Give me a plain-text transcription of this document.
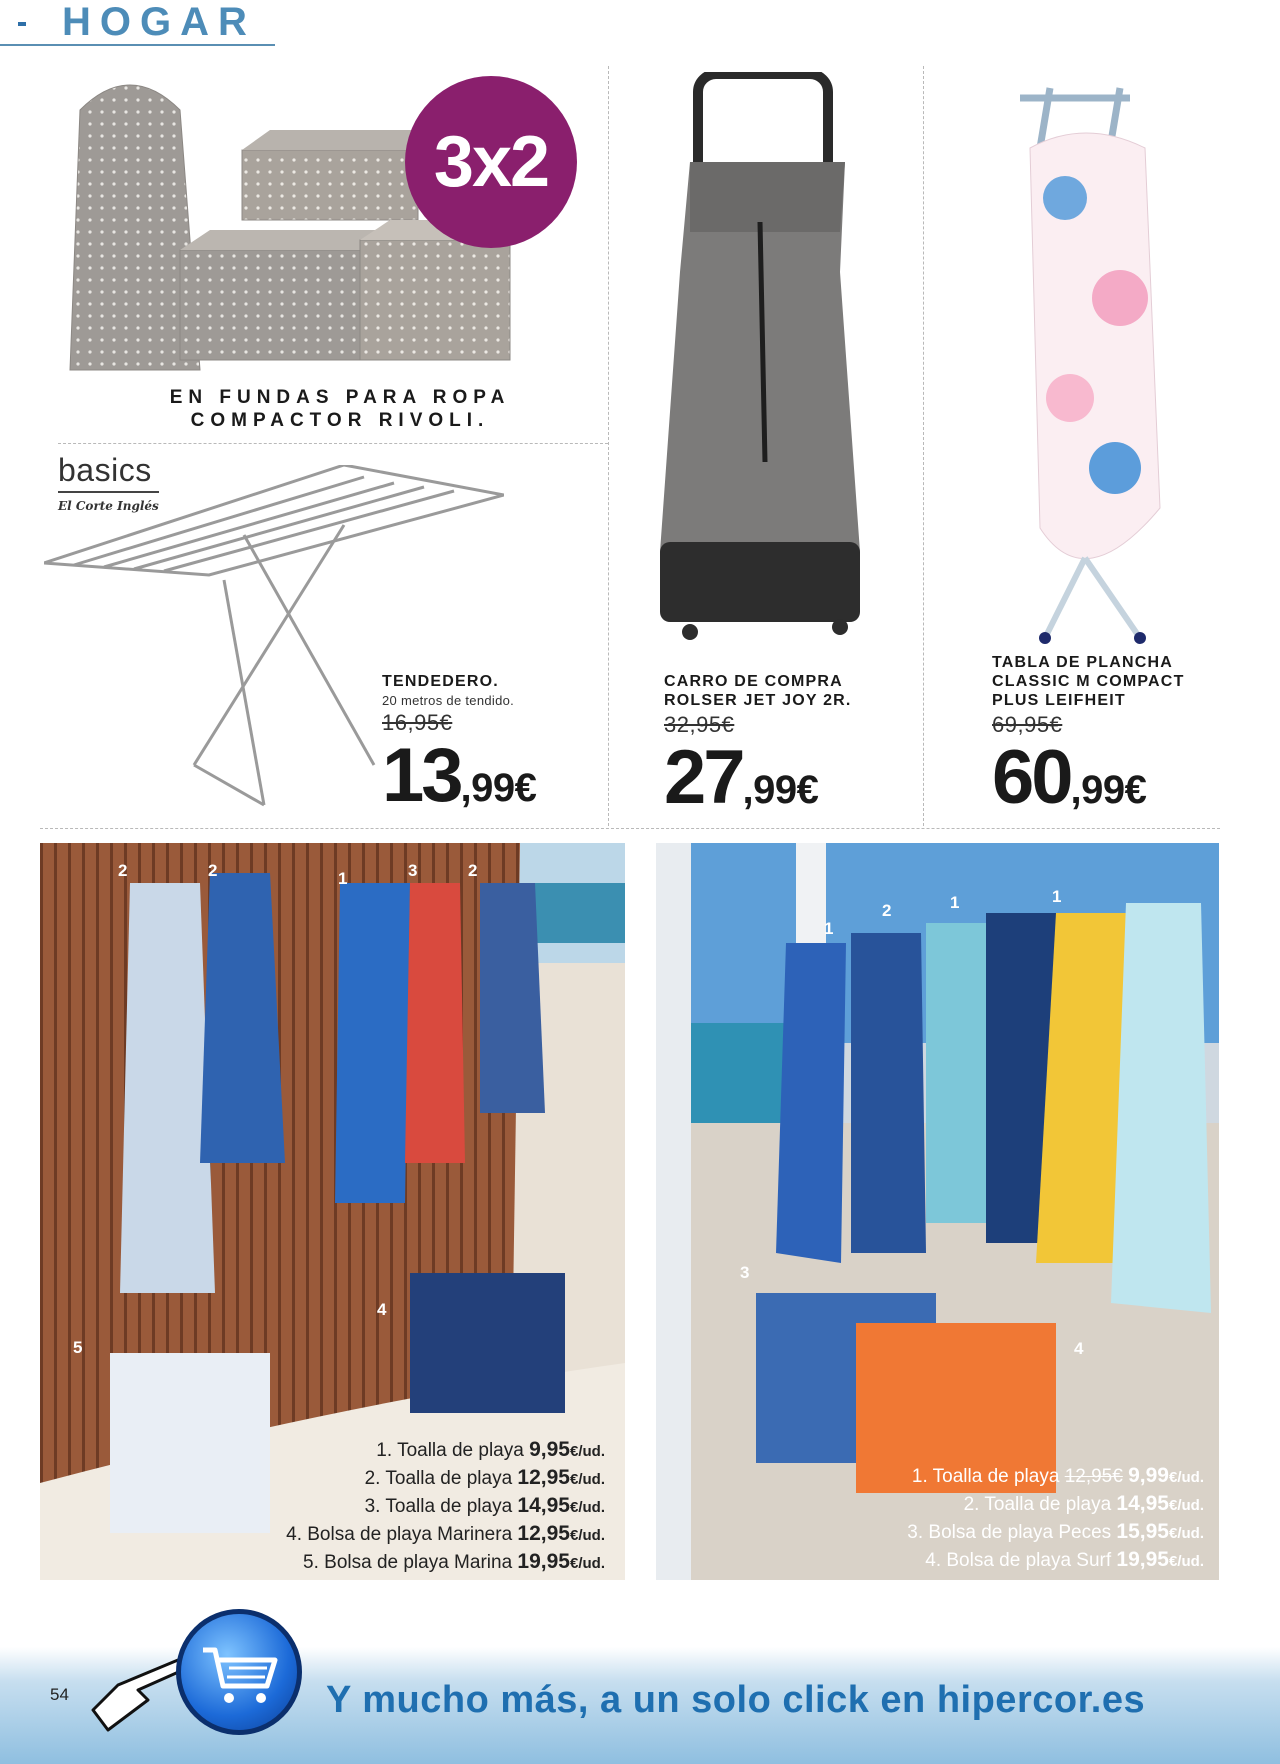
HOGAR
3x2
EN FUNDAS PARA ROPA
COMPACTOR RIVOLI.
basics
El Corte Inglés
TENDEDERO.
20 metros de tendido.
16,95€
13,99€
CARRO DE COMPRA
ROLSER JET JOY 2R.
32,95€
27,99€
TABLA DE PLANCHA
CLASSIC M COMPACT
PLUS LEIFHEIT
69,95€
60,99€
2	2	1	3	2
4
5
1. Toalla de playa 9,95€/ud.
2. Toalla de playa 12,95€/ud.
3. Toalla de playa 14,95€/ud.
4. Bolsa de playa Marinera 12,95€/ud.
5. Bolsa de playa Marina 19,95€/ud.
1
2	1	1
3
4
1. Toalla de playa 12,95€ 9,99€/ud.
2. Toalla de playa 14,95€/ud.
3. Bolsa de playa Peces 15,95€/ud.
4. Bolsa de playa Surf 19,95€/ud.
54	Y mucho más, a un solo click en hipercor.es
